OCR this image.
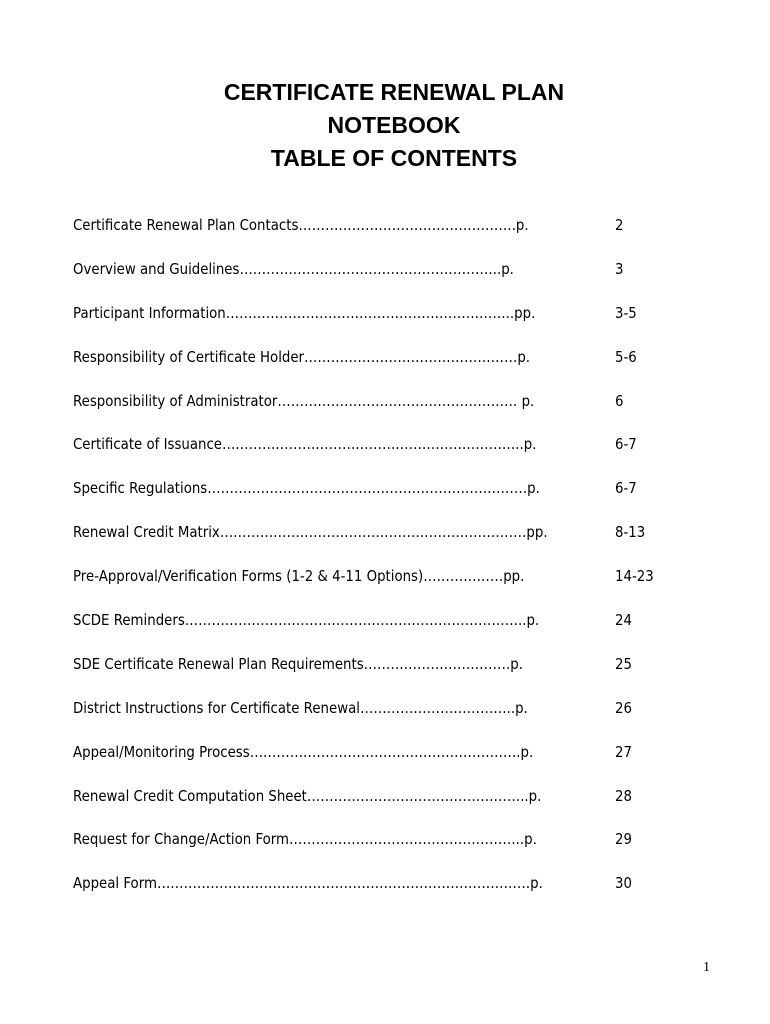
CERTIFICATE RENEWAL PLAN
NOTEBOOK
TABLE OF CONTENTS
Certificate Renewal Plan Contacts………………………………………….p.	2
Overview and Guidelines…………………………………………………..p.	3
Participant Information………………………………………………………..pp.	3-5
Responsibility of Certificate Holder…………………………………………p.	5-6
Responsibility of Administrator……………………………………………… p.	6
Certificate of Issuance…………………………………………………………..p.	6-7
Specific Regulations………………………………………………………………p.	6-7
Renewal Credit Matrix……………………………………………………………pp.	8-13
Pre-Approval/Verification Forms (1-2 & 4-11 Options)………………pp.	14-23
SCDE Reminders…………………………………………………………………..p.	24
SDE Certificate Renewal Plan Requirements……………………………p.	25
District Instructions for Certificate Renewal……………………………..p.	26
Appeal/Monitoring Process…………………………………………………….p.	27
Renewal Credit Computation Sheet…………………………………………..p.	28
Request for Change/Action Form……………………………………………..p.	29
Appeal Form…………………………………………………………………………p.	30
1
